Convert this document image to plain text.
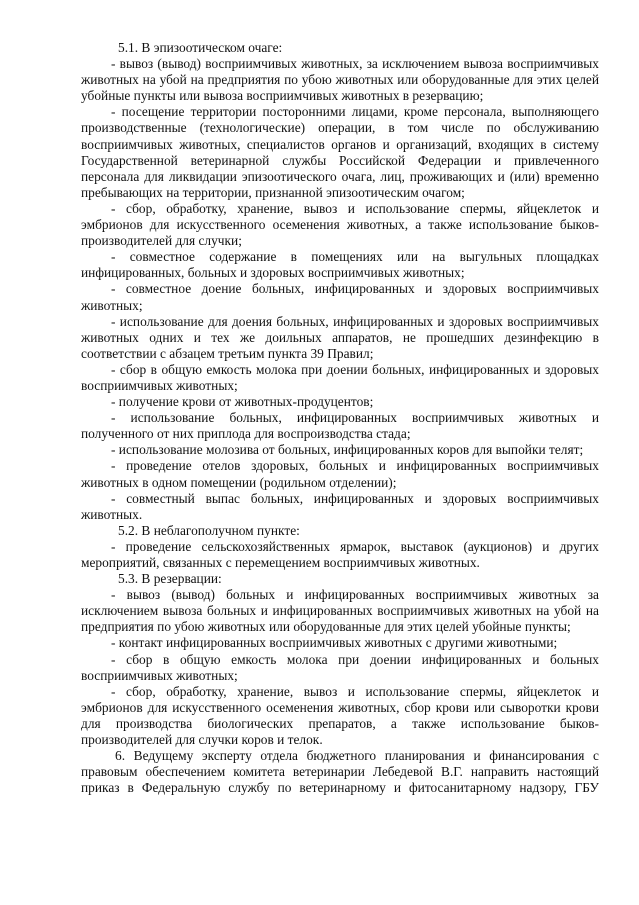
5.1. В эпизоотическом очаге:

- вывоз (вывод) восприимчивых животных, за исключением вывоза восприимчивых животных на убой на предприятия по убою животных или оборудованные для этих целей убойные пункты или вывоза восприимчивых животных в резервацию;

- посещение территории посторонними лицами, кроме персонала, выполняющего производственные (технологические) операции, в том числе по обслуживанию восприимчивых животных, специалистов органов и организаций, входящих в систему Государственной ветеринарной службы Российской Федерации и привлеченного персонала для ликвидации эпизоотического очага, лиц, проживающих и (или) временно пребывающих на территории, признанной эпизоотическим очагом;

- сбор, обработку, хранение, вывоз и использование спермы, яйцеклеток и эмбрионов для искусственного осеменения животных, а также использование быков-производителей для случки;

- совместное содержание в помещениях или на выгульных площадках инфицированных, больных и здоровых восприимчивых животных;

- совместное доение больных, инфицированных и здоровых восприимчивых животных;

- использование для доения больных, инфицированных и здоровых восприимчивых животных одних и тех же доильных аппаратов, не прошедших дезинфекцию в соответствии с абзацем третьим пункта 39 Правил;

- сбор в общую емкость молока при доении больных, инфицированных и здоровых восприимчивых животных;

- получение крови от животных-продуцентов;

- использование больных, инфицированных восприимчивых животных и полученного от них приплода для воспроизводства стада;

- использование молозива от больных, инфицированных коров для выпойки телят;

- проведение отелов здоровых, больных и инфицированных восприимчивых животных в одном помещении (родильном отделении);

- совместный выпас больных, инфицированных и здоровых восприимчивых животных.

5.2. В неблагополучном пункте:

- проведение сельскохозяйственных ярмарок, выставок (аукционов) и других мероприятий, связанных с перемещением восприимчивых животных.

5.3. В резервации:

- вывоз (вывод) больных и инфицированных восприимчивых животных за исключением вывоза больных и инфицированных восприимчивых животных на убой на предприятия по убою животных или оборудованные для этих целей убойные пункты;

- контакт инфицированных восприимчивых животных с другими животными;

- сбор в общую емкость молока при доении инфицированных и больных восприимчивых животных;

- сбор, обработку, хранение, вывоз и использование спермы, яйцеклеток и эмбрионов для искусственного осеменения животных, сбор крови или сыворотки крови для производства биологических препаратов, а также использование быков-производителей для случки коров и телок.

6. Ведущему эксперту отдела бюджетного планирования и финансирования с правовым обеспечением комитета ветеринарии Лебедевой В.Г. направить настоящий приказ в Федеральную службу по ветеринарному и фитосанитарному надзору, ГБУ
